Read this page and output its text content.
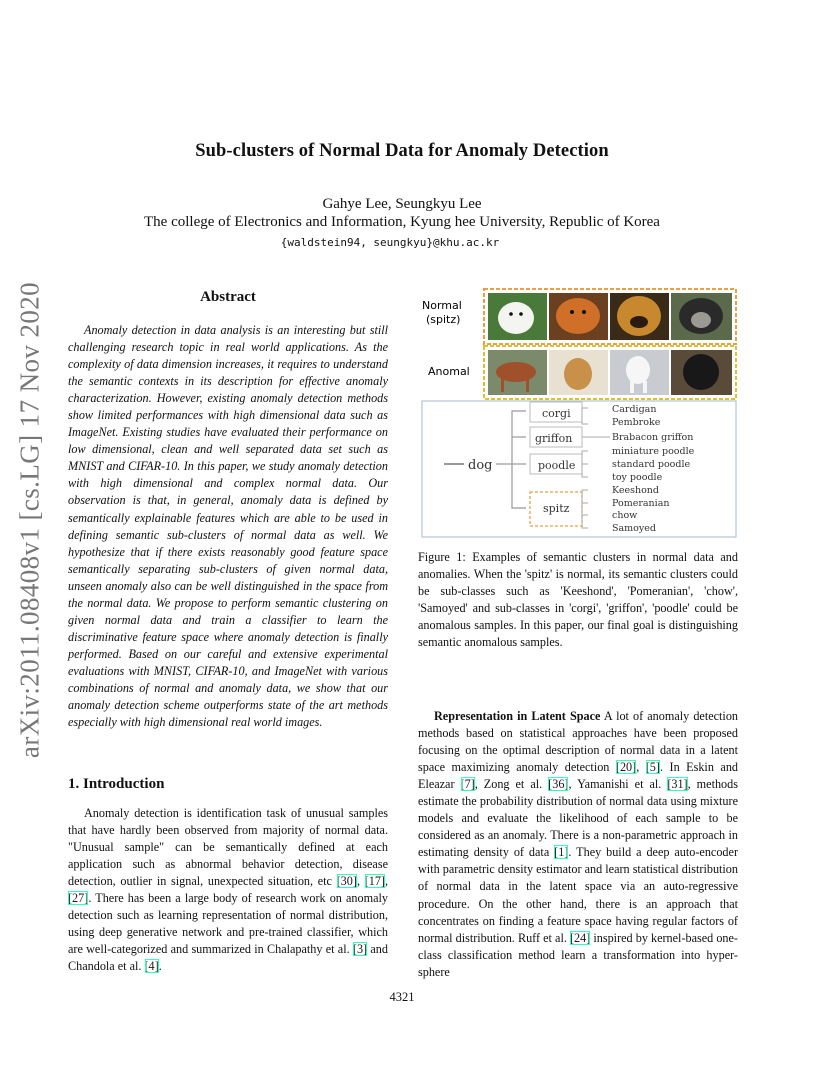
Sub-clusters of Normal Data for Anomaly Detection
Gahye Lee, Seungkyu Lee
The college of Electronics and Information, Kyung hee University, Republic of Korea
{waldstein94, seungkyu}@khu.ac.kr
arXiv:2011.08408v1 [cs.LG] 17 Nov 2020	Abstract
Anomaly detection in data analysis is an interesting but still challenging research topic in real world applications. As the complexity of data dimension increases, it requires to understand the semantic contexts in its description for effective anomaly characterization. However, existing anomaly detection methods show limited performances with high dimensional data such as ImageNet. Existing studies have evaluated their performance on low dimensional, clean and well separated data set such as MNIST and CIFAR-10. In this paper, we study anomaly detection with high dimensional and complex normal data. Our observation is that, in general, anomaly data is defined by semantically explainable features which are able to be used in defining semantic sub-clusters of normal data as well. We hypothesize that if there exists reasonably good feature space semantically separating sub-clusters of given normal data, unseen anomaly also can be well distinguished in the space from the normal data. We propose to perform semantic clustering on given normal data and train a classifier to learn the discriminative feature space where anomaly detection is finally performed. Based on our careful and extensive experimental evaluations with MNIST, CIFAR-10, and ImageNet with various combinations of normal and anomaly data, we show that our anomaly detection scheme outperforms state of the art methods especially with high dimensional real world images.
1. Introduction
Anomaly detection is identification task of unusual samples that have hardly been observed from majority of normal data. "Unusual sample" can be semantically defined at each application such as abnormal behavior detection, disease detection, outlier in signal, unexpected situation, etc [30], [17], [27]. There has been a large body of research work on anomaly detection such as learning representation of normal distribution, using deep generative network and pre-trained classifier, which are well-categorized and summarized in Chalapathy et al. [3] and Chandola et al. [4].
Normal
(spitz)
Anomal
dog
corgi
griffon
poodle
spitz
Cardigan
Pembroke
Brabacon griffon
miniature poodle
standard poodle
toy poodle
Keeshond
Pomeranian
chow
Samoyed
Figure 1: Examples of semantic clusters in normal data and anomalies. When the 'spitz' is normal, its semantic clusters could be sub-classes such as 'Keeshond', 'Pomeranian', 'chow', 'Samoyed' and sub-classes in 'corgi', 'griffon', 'poodle' could be anomalous samples. In this paper, our final goal is distinguishing semantic anomalous samples.
Representation in Latent Space A lot of anomaly detection methods based on statistical approaches have been proposed focusing on the optimal description of normal data in a latent space maximizing anomaly detection [20], [5]. In Eskin and Eleazar [7], Zong et al. [36], Yamanishi et al. [31], methods estimate the probability distribution of normal data using mixture models and evaluate the likelihood of each sample to be considered as an anomaly. There is a non-parametric approach in estimating density of data [1]. They build a deep auto-encoder with parametric density estimator and learn statistical distribution of normal data in the latent space via an auto-regressive procedure. On the other hand, there is an approach that concentrates on finding a feature space having regular factors of normal distribution. Ruff et al. [24] inspired by kernel-based one-class classification method learn a transformation into hyper-sphere
4321
